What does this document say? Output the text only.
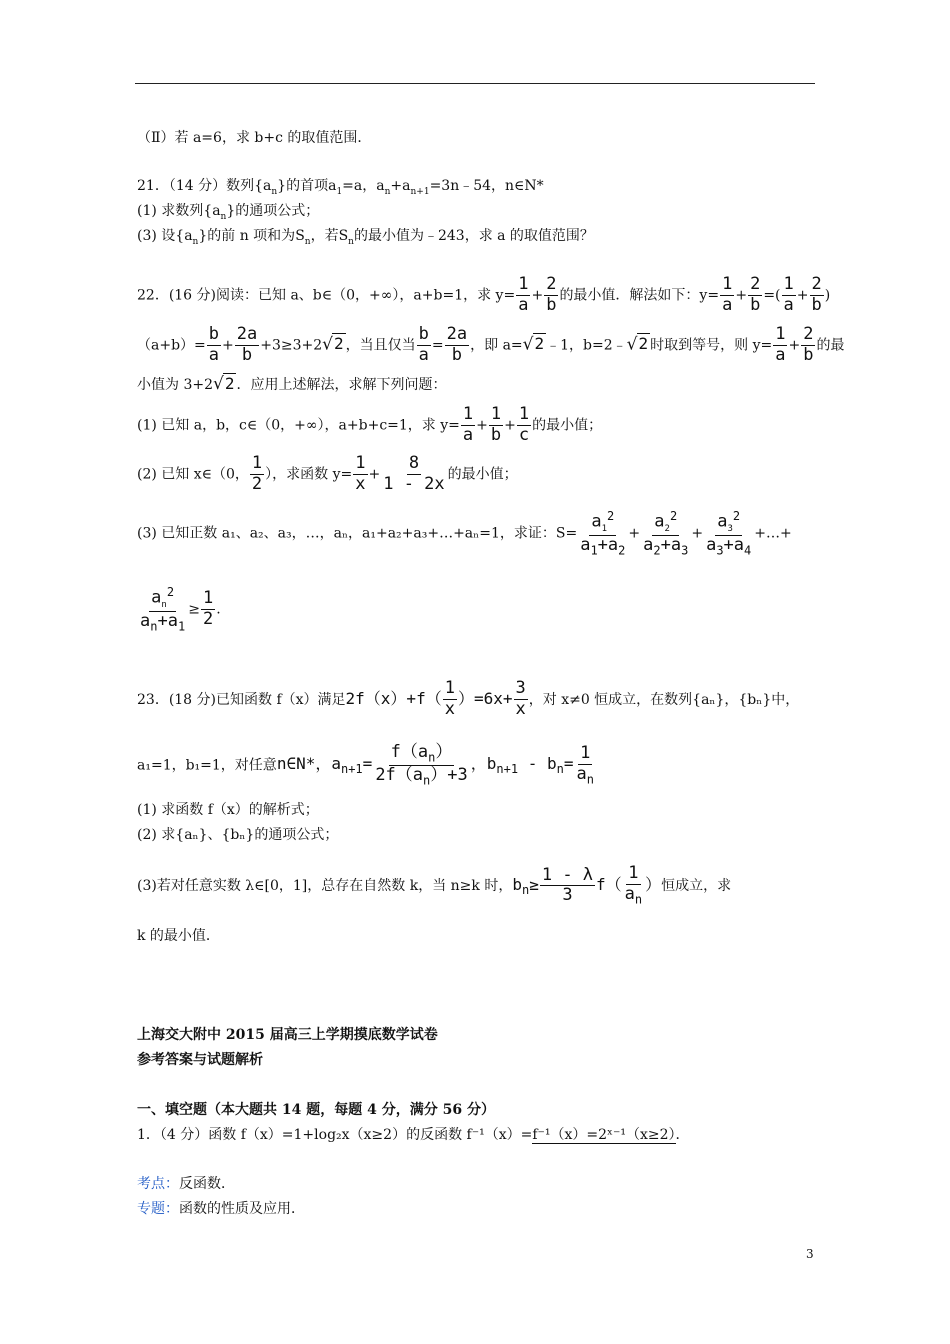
（Ⅱ）若 a=6，求 b+c 的取值范围．
21．（14 分）数列$\{a_n\}$的首项$a_1=a$，$a_n+a_{n+1}=3n﹣54$，n∈N*
(1) 求数列$\{a_n\}$的通项公式；
(3) 设$\{a_n\}$的前 n 项和为$S_n$，若$S_n$的最小值为﹣243，求 a 的取值范围？
22．(16 分)阅读：已知 a、b∈（0，+∞），a+b=1，求 $y= \frac{1}{a} + \frac{2}{b}$ 的最小值．解法如下：$y= \frac{1}{a} + \frac{2}{b}$ =( $\frac{1}{a} + \frac{2}{b}$ )
$(a+b)= \frac{b}{a} + \frac{2a}{b} +3\ge 3+2√2$ ，当且仅当 $\frac{b}{a} = \frac{2a}{b}$ ，即 a=√2 ﹣1，b=2﹣√2 时取到等号，则 $y= \frac{1}{a} + \frac{2}{b}$ 的最
小值为 3+2√2 ．应用上述解法，求解下列问题：
(1) 已知 a，b，c∈（0，+∞），a+b+c=1，求 $y= \frac{1}{a} + \frac{1}{b} + \frac{1}{c}$ 的最小值；
(2) 已知 x∈（0， $\frac{1}{2}$ ），求函数 $y= \frac{1}{x} + \frac{8}{1 - 2x}$ 的最小值；
(3) 已知正数 a₁、a₂、a₃，…，aₙ，a₁+a₂+a₃+…+aₙ=1，求证：$S= \frac{a_1^2}{a_1+a_2} + \frac{a_2^2}{a_2+a_3} + \frac{a_3^2}{a_3+a_4}$ +…+
$\frac{a_n^2}{a_n+a_1} \ge \frac{1}{2}$ .
23．(18 分)已知函数 f（x）满足$2f(x)+f( \frac{1}{x} )=6x+ \frac{3}{x}$ ，对 x≠0 恒成立，在数列{aₙ}，{bₙ}中，
a₁=1，b₁=1，对任意n∈N*，$a_{n+1}= \frac{f(a_n)}{2f(a_n)+3}$ ，$b_{n+1} - b_n= \frac{1}{a_n}$
(1) 求函数 f（x）的解析式；
(2) 求{aₙ}、{bₙ}的通项公式；
(3)若对任意实数 λ∈[0，1]，总存在自然数 k，当 n≥k 时，$b_n\ge \frac{1 - \lambda}{3} f( \frac{1}{a_n}$ ）恒成立，求
k 的最小值．
上海交大附中 2015 届高三上学期摸底数学试卷
参考答案与试题解析
一、填空题（本大题共 14 题，每题 4 分，满分 56 分）
1．（4 分）函数 f（x）=1+log₂x（x≥2）的反函数 f⁻¹（x）=f⁻¹（x）=2ˣ⁻¹（x≥2）．
考点：反函数．
专题：函数的性质及应用．
3
